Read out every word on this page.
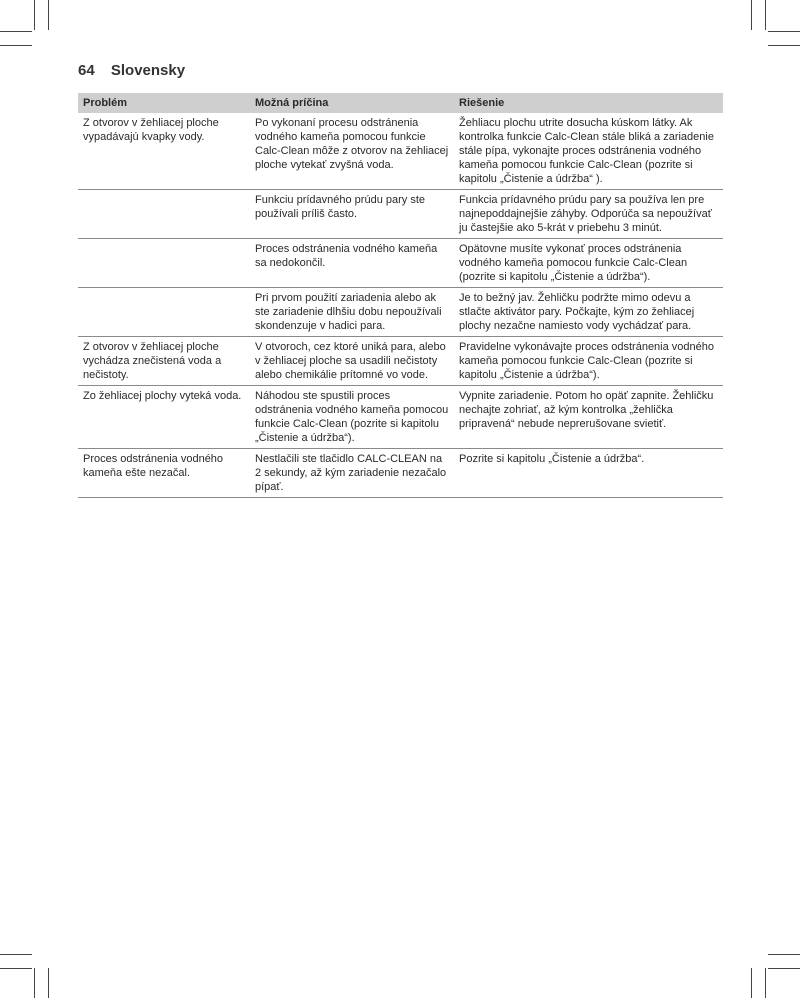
64 Slovensky
Problém	Možná príčina	Riešenie
Z otvorov v žehliacej ploche vypadávajú kvapky vody.	Po vykonaní procesu odstránenia vodného kameňa pomocou funkcie Calc-Clean môže z otvorov na žehliacej ploche vytekať zvyšná voda.	Žehliacu plochu utrite dosucha kúskom látky. Ak kontrolka funkcie Calc-Clean stále bliká a zariadenie stále pípa, vykonajte proces odstránenia vodného kameňa pomocou funkcie Calc-Clean (pozrite si kapitolu „Čistenie a údržba“ ).
	Funkciu prídavného prúdu pary ste používali príliš často.	Funkcia prídavného prúdu pary sa používa len pre najnepoddajnejšie záhyby. Odporúča sa nepoužívať ju častejšie ako 5-krát v priebehu 3 minút.
	Proces odstránenia vodného kameňa sa nedokončil.	Opätovne musíte vykonať proces odstránenia vodného kameňa pomocou funkcie Calc-Clean (pozrite si kapitolu „Čistenie a údržba“).
	Pri prvom použití zariadenia alebo ak ste zariadenie dlhšiu dobu nepoužívali skondenzuje v hadici para.	Je to bežný jav. Žehličku podržte mimo odevu a stlačte aktivátor pary. Počkajte, kým zo žehliacej plochy nezačne namiesto vody vychádzať para.
Z otvorov v žehliacej ploche vychádza znečistená voda a nečistoty.	V otvoroch, cez ktoré uniká para, alebo v žehliacej ploche sa usadili nečistoty alebo chemikálie prítomné vo vode.	Pravidelne vykonávajte proces odstránenia vodného kameňa pomocou funkcie Calc-Clean (pozrite si kapitolu „Čistenie a údržba“).
Zo žehliacej plochy vyteká voda.	Náhodou ste spustili proces odstránenia vodného kameňa pomocou funkcie Calc-Clean (pozrite si kapitolu „Čistenie a údržba“).	Vypnite zariadenie. Potom ho opäť zapnite. Žehličku nechajte zohriať, až kým kontrolka „žehlička pripravená“ nebude neprerušovane svietiť.
Proces odstránenia vodného kameňa ešte nezačal.	Nestlačili ste tlačidlo CALC-CLEAN na 2 sekundy, až kým zariadenie nezačalo pípať.	Pozrite si kapitolu „Čistenie a údržba“.
